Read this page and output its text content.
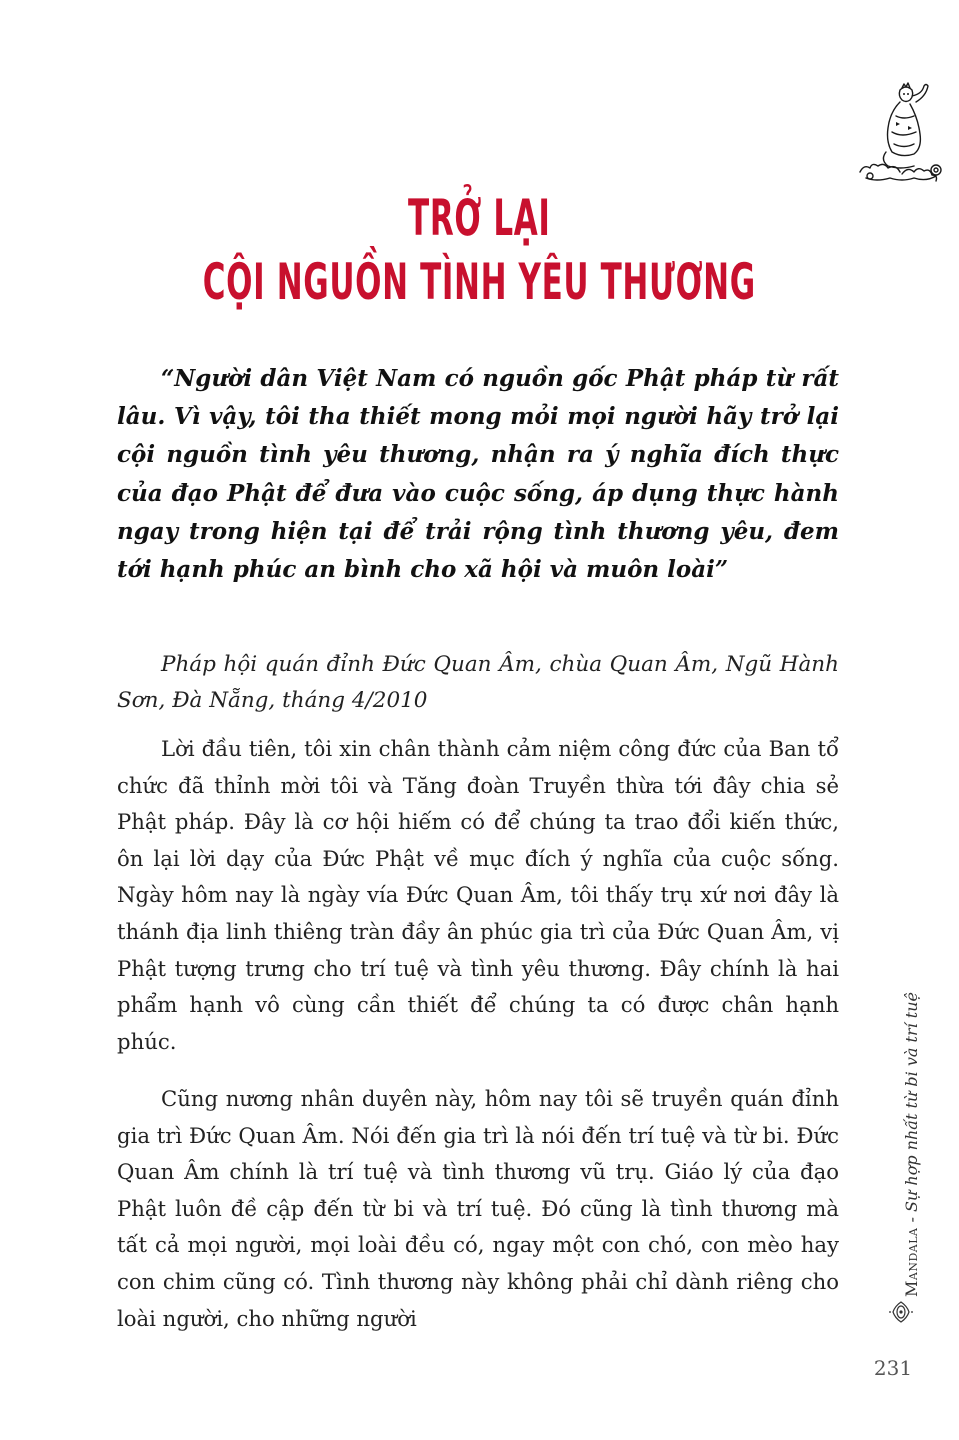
TRỞ LẠI
CỘI NGUỒN TÌNH YÊU THƯƠNG

“Người dân Việt Nam có nguồn gốc Phật pháp từ rất lâu. Vì vậy, tôi tha thiết mong mỏi mọi người hãy trở lại cội nguồn tình yêu thương, nhận ra ý nghĩa đích thực của đạo Phật để đưa vào cuộc sống, áp dụng thực hành ngay trong hiện tại để trải rộng tình thương yêu, đem tới hạnh phúc an bình cho xã hội và muôn loài”

Pháp hội quán đỉnh Đức Quan Âm, chùa Quan Âm, Ngũ Hành Sơn, Đà Nẵng, tháng 4/2010

Lời đầu tiên, tôi xin chân thành cảm niệm công đức của Ban tổ chức đã thỉnh mời tôi và Tăng đoàn Truyền thừa tới đây chia sẻ Phật pháp. Đây là cơ hội hiếm có để chúng ta trao đổi kiến thức, ôn lại lời dạy của Đức Phật về mục đích ý nghĩa của cuộc sống. Ngày hôm nay là ngày vía Đức Quan Âm, tôi thấy trụ xứ nơi đây là thánh địa linh thiêng tràn đầy ân phúc gia trì của Đức Quan Âm, vị Phật tượng trưng cho trí tuệ và tình yêu thương. Đây chính là hai phẩm hạnh vô cùng cần thiết để chúng ta có được chân hạnh phúc.

Cũng nương nhân duyên này, hôm nay tôi sẽ truyền quán đỉnh gia trì Đức Quan Âm. Nói đến gia trì là nói đến trí tuệ và từ bi. Đức Quan Âm chính là trí tuệ và tình thương vũ trụ. Giáo lý của đạo Phật luôn đề cập đến từ bi và trí tuệ. Đó cũng là tình thương mà tất cả mọi người, mọi loài đều có, ngay một con chó, con mèo hay con chim cũng có. Tình thương này không phải chỉ dành riêng cho loài người, cho những người

Mandala - Sự hợp nhất từ bi và trí tuệ
231
